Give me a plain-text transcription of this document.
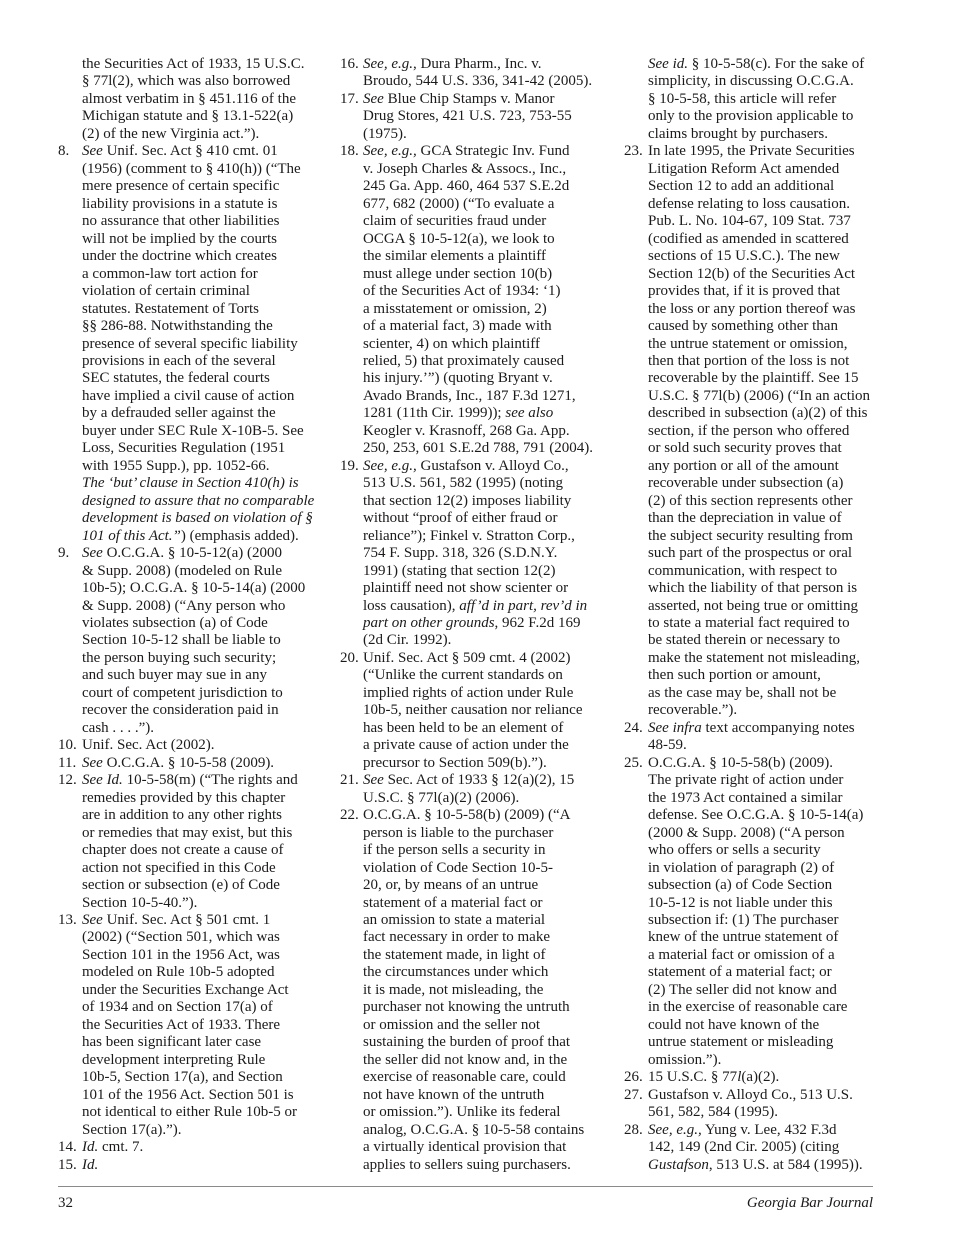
the Securities Act of 1933, 15 U.S.C.
§ 77l(2), which was also borrowed
almost verbatim in § 451.116 of the
Michigan statute and § 13.1-522(a)
(2) of the new Virginia act.”).
8. See Unif. Sec. Act § 410 cmt. 01
(1956) (comment to § 410(h)) (“The
mere presence of certain specific
liability provisions in a statute is
no assurance that other liabilities
will not be implied by the courts
under the doctrine which creates
a common-law tort action for
violation of certain criminal
statutes. Restatement of Torts
§§ 286-88. Notwithstanding the
presence of several specific liability
provisions in each of the several
SEC statutes, the federal courts
have implied a civil cause of action
by a defrauded seller against the
buyer under SEC Rule X-10B-5. See
Loss, Securities Regulation (1951
with 1955 Supp.), pp. 1052-66.
The ‘but’ clause in Section 410(h) is
designed to assure that no comparable
development is based on violation of §
101 of this Act.”) (emphasis added).
9. See O.C.G.A. § 10-5-12(a) (2000
& Supp. 2008) (modeled on Rule
10b-5); O.C.G.A. § 10-5-14(a) (2000
& Supp. 2008) (“Any person who
violates subsection (a) of Code
Section 10-5-12 shall be liable to
the person buying such security;
and such buyer may sue in any
court of competent jurisdiction to
recover the consideration paid in
cash . . . .”).
10. Unif. Sec. Act (2002).
11. See O.C.G.A. § 10-5-58 (2009).
12. See Id. 10-5-58(m) (“The rights and
remedies provided by this chapter
are in addition to any other rights
or remedies that may exist, but this
chapter does not create a cause of
action not specified in this Code
section or subsection (e) of Code
Section 10-5-40.”).
13. See Unif. Sec. Act § 501 cmt. 1
(2002) (“Section 501, which was
Section 101 in the 1956 Act, was
modeled on Rule 10b-5 adopted
under the Securities Exchange Act
of 1934 and on Section 17(a) of
the Securities Act of 1933. There
has been significant later case
development interpreting Rule
10b-5, Section 17(a), and Section
101 of the 1956 Act. Section 501 is
not identical to either Rule 10b-5 or
Section 17(a).”).
14. Id. cmt. 7.
15. Id.
16. See, e.g., Dura Pharm., Inc. v.
Broudo, 544 U.S. 336, 341-42 (2005).
17. See Blue Chip Stamps v. Manor
Drug Stores, 421 U.S. 723, 753-55
(1975).
18. See, e.g., GCA Strategic Inv. Fund
v. Joseph Charles & Assocs., Inc.,
245 Ga. App. 460, 464 537 S.E.2d
677, 682 (2000) (“To evaluate a
claim of securities fraud under
OCGA § 10-5-12(a), we look to
the similar elements a plaintiff
must allege under section 10(b)
of the Securities Act of 1934: ‘1)
a misstatement or omission, 2)
of a material fact, 3) made with
scienter, 4) on which plaintiff
relied, 5) that proximately caused
his injury.’”) (quoting Bryant v.
Avado Brands, Inc., 187 F.3d 1271,
1281 (11th Cir. 1999)); see also
Keogler v. Krasnoff, 268 Ga. App.
250, 253, 601 S.E.2d 788, 791 (2004).
19. See, e.g., Gustafson v. Alloyd Co.,
513 U.S. 561, 582 (1995) (noting
that section 12(2) imposes liability
without “proof of either fraud or
reliance”); Finkel v. Stratton Corp.,
754 F. Supp. 318, 326 (S.D.N.Y.
1991) (stating that section 12(2)
plaintiff need not show scienter or
loss causation), aff’d in part, rev’d in
part on other grounds, 962 F.2d 169
(2d Cir. 1992).
20. Unif. Sec. Act § 509 cmt. 4 (2002)
(“Unlike the current standards on
implied rights of action under Rule
10b-5, neither causation nor reliance
has been held to be an element of
a private cause of action under the
precursor to Section 509(b).”).
21. See Sec. Act of 1933 § 12(a)(2), 15
U.S.C. § 77l(a)(2) (2006).
22. O.C.G.A. § 10-5-58(b) (2009) (“A
person is liable to the purchaser
if the person sells a security in
violation of Code Section 10-5-
20, or, by means of an untrue
statement of a material fact or
an omission to state a material
fact necessary in order to make
the statement made, in light of
the circumstances under which
it is made, not misleading, the
purchaser not knowing the untruth
or omission and the seller not
sustaining the burden of proof that
the seller did not know and, in the
exercise of reasonable care, could
not have known of the untruth
or omission.”). Unlike its federal
analog, O.C.G.A. § 10-5-58 contains
a virtually identical provision that
applies to sellers suing purchasers.
See id. § 10-5-58(c). For the sake of
simplicity, in discussing O.C.G.A.
§ 10-5-58, this article will refer
only to the provision applicable to
claims brought by purchasers.
23. In late 1995, the Private Securities
Litigation Reform Act amended
Section 12 to add an additional
defense relating to loss causation.
Pub. L. No. 104-67, 109 Stat. 737
(codified as amended in scattered
sections of 15 U.S.C.). The new
Section 12(b) of the Securities Act
provides that, if it is proved that
the loss or any portion thereof was
caused by something other than
the untrue statement or omission,
then that portion of the loss is not
recoverable by the plaintiff. See 15
U.S.C. § 77l(b) (2006) (“In an action
described in subsection (a)(2) of this
section, if the person who offered
or sold such security proves that
any portion or all of the amount
recoverable under subsection (a)
(2) of this section represents other
than the depreciation in value of
the subject security resulting from
such part of the prospectus or oral
communication, with respect to
which the liability of that person is
asserted, not being true or omitting
to state a material fact required to
be stated therein or necessary to
make the statement not misleading,
then such portion or amount,
as the case may be, shall not be
recoverable.”).
24. See infra text accompanying notes
48-59.
25. O.C.G.A. § 10-5-58(b) (2009).
The private right of action under
the 1973 Act contained a similar
defense. See O.C.G.A. § 10-5-14(a)
(2000 & Supp. 2008) (“A person
who offers or sells a security
in violation of paragraph (2) of
subsection (a) of Code Section
10-5-12 is not liable under this
subsection if: (1) The purchaser
knew of the untrue statement of
a material fact or omission of a
statement of a material fact; or
(2) The seller did not know and
in the exercise of reasonable care
could not have known of the
untrue statement or misleading
omission.”).
26. 15 U.S.C. § 77l(a)(2).
27. Gustafson v. Alloyd Co., 513 U.S.
561, 582, 584 (1995).
28. See, e.g., Yung v. Lee, 432 F.3d
142, 149 (2nd Cir. 2005) (citing
Gustafson, 513 U.S. at 584 (1995)).
32	Georgia Bar Journal
